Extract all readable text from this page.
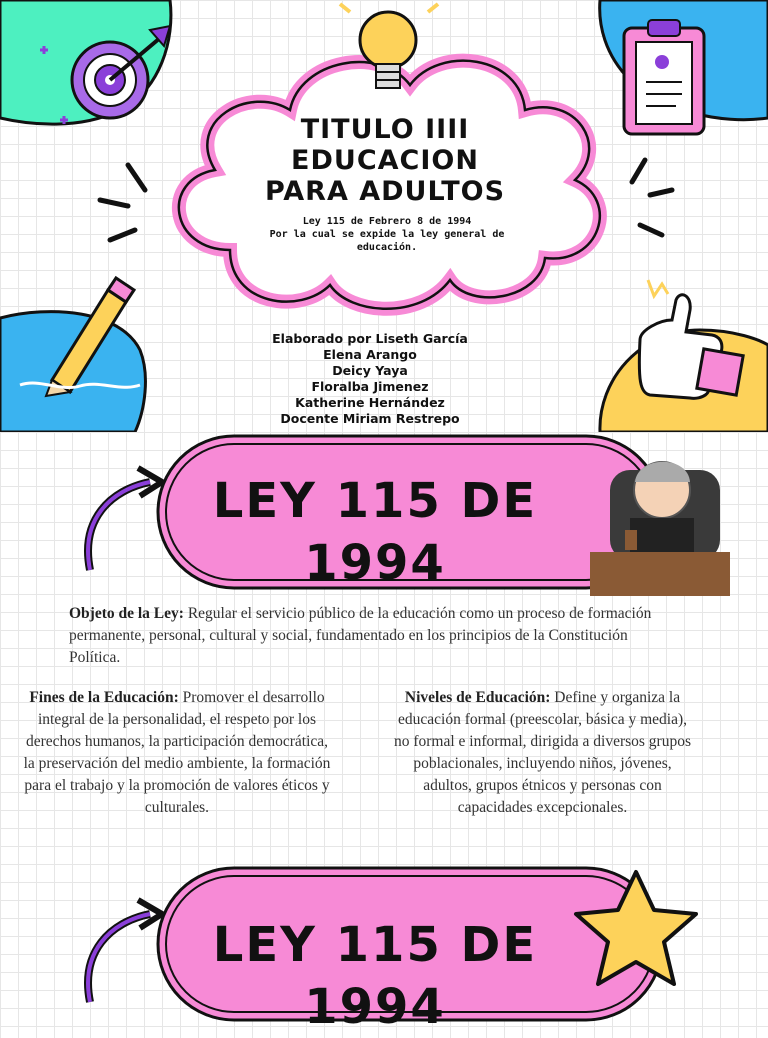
TITULO IIII EDUCACION PARA ADULTOS
Ley 115 de Febrero 8 de 1994
Por la cual se expide la ley general de educación.
Elaborado por Liseth García
Elena Arango
Deicy Yaya
Floralba Jimenez
Katherine Hernández
Docente Miriam Restrepo
LEY 115 DE 1994
Objeto de la Ley: Regular el servicio público de la educación como un proceso de formación permanente, personal, cultural y social, fundamentado en los principios de la Constitución Política.
Fines de la Educación: Promover el desarrollo integral de la personalidad, el respeto por los derechos humanos, la participación democrática, la preservación del medio ambiente, la formación para el trabajo y la promoción de valores éticos y culturales.
Niveles de Educación: Define y organiza la educación formal (preescolar, básica y media), no formal e informal, dirigida a diversos grupos poblacionales, incluyendo niños, jóvenes, adultos, grupos étnicos y personas con capacidades excepcionales.
LEY 115 DE 1994
